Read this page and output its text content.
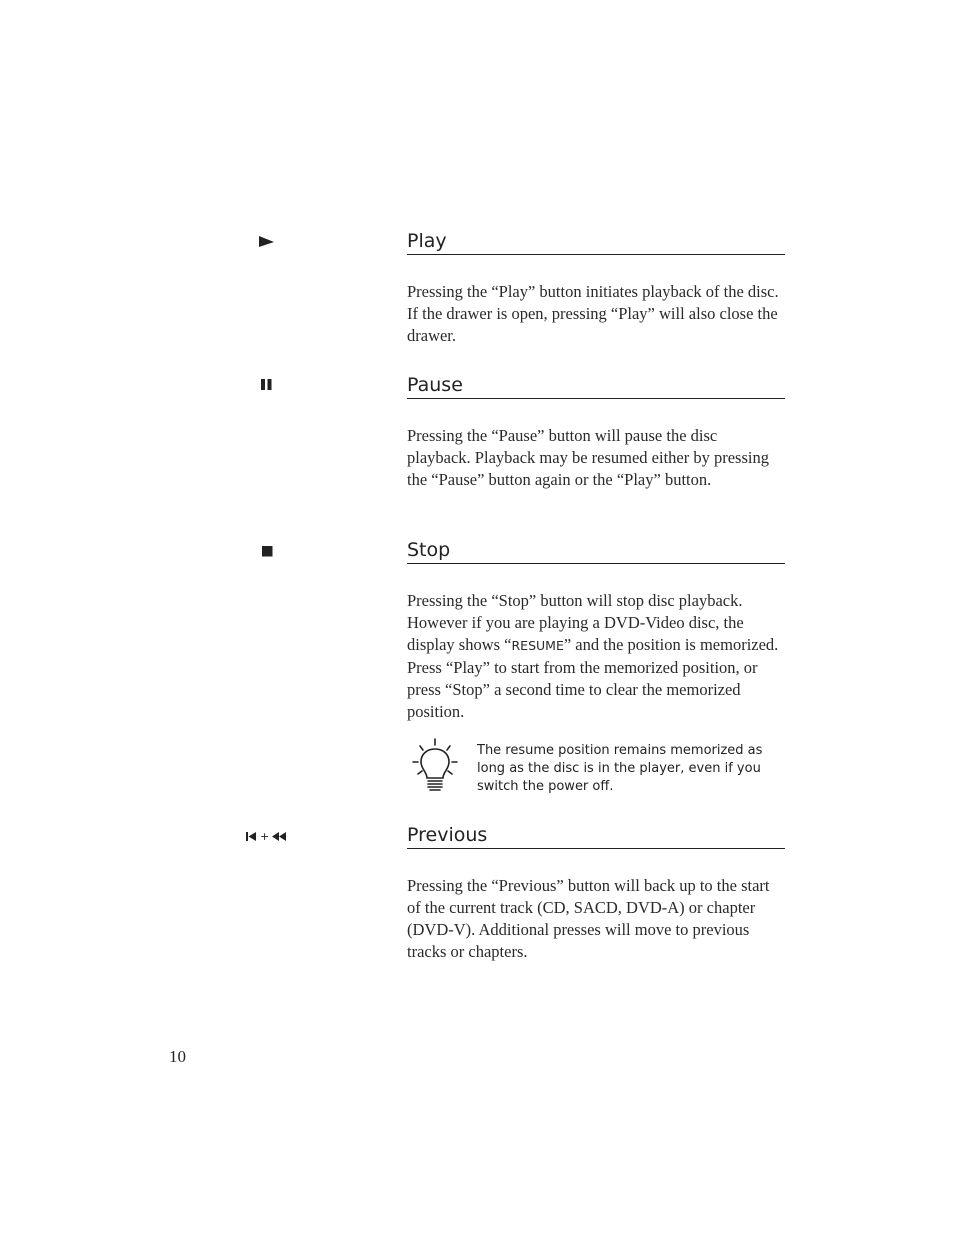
Play

Pressing the “Play” button initiates playback of the disc. If the drawer is open, pressing “Play” will also close the drawer.

Pause

Pressing the “Pause” button will pause the disc playback. Playback may be resumed either by pressing the “Pause” button again or the “Play” button.

Stop

Pressing the “Stop” button will stop disc playback. However if you are playing a DVD-Video disc, the display shows “RESUME” and the position is memorized. Press “Play” to start from the memorized position, or press “Stop” a second time to clear the memorized position.

The resume position remains memorized as long as the disc is in the player, even if you switch the power off.
+	Previous

Pressing the “Previous” button will back up to the start of the current track (CD, SACD, DVD-A) or chapter (DVD-V). Additional presses will move to previous tracks or chapters.

10
